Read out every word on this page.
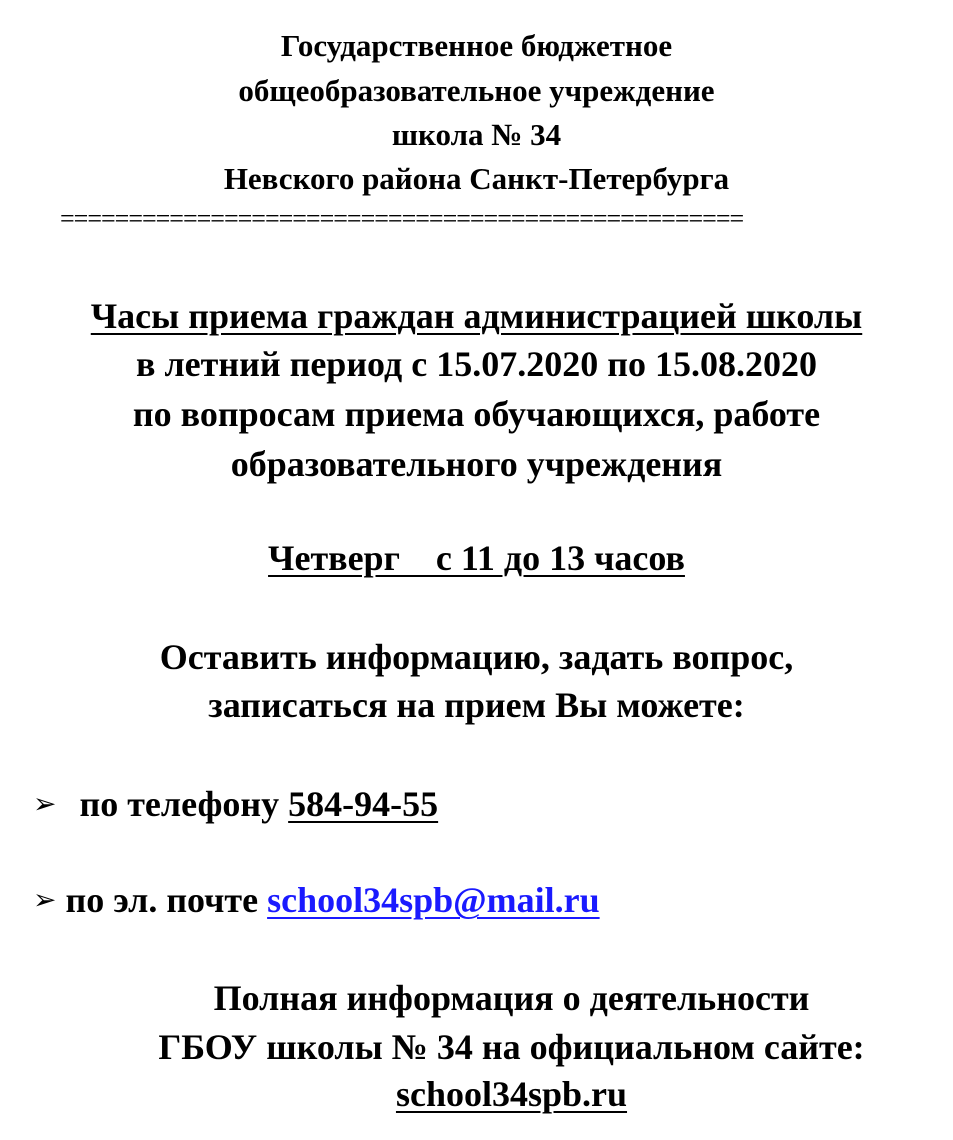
Государственное бюджетное
общеобразовательное учреждение
школа № 34
Невского района Санкт-Петербурга
==================================================
Часы приема граждан администрацией школы
в летний период с 15.07.2020 по 15.08.2020
по вопросам приема обучающихся, работе
образовательного учреждения
Четверг    с 11 до 13 часов
Оставить информацию, задать вопрос,
записаться на прием Вы можете:
➢ по телефону 584-94-55
➢ по эл. почте school34spb@mail.ru
Полная информация о деятельности
ГБОУ школы № 34 на официальном сайте:
school34spb.ru
